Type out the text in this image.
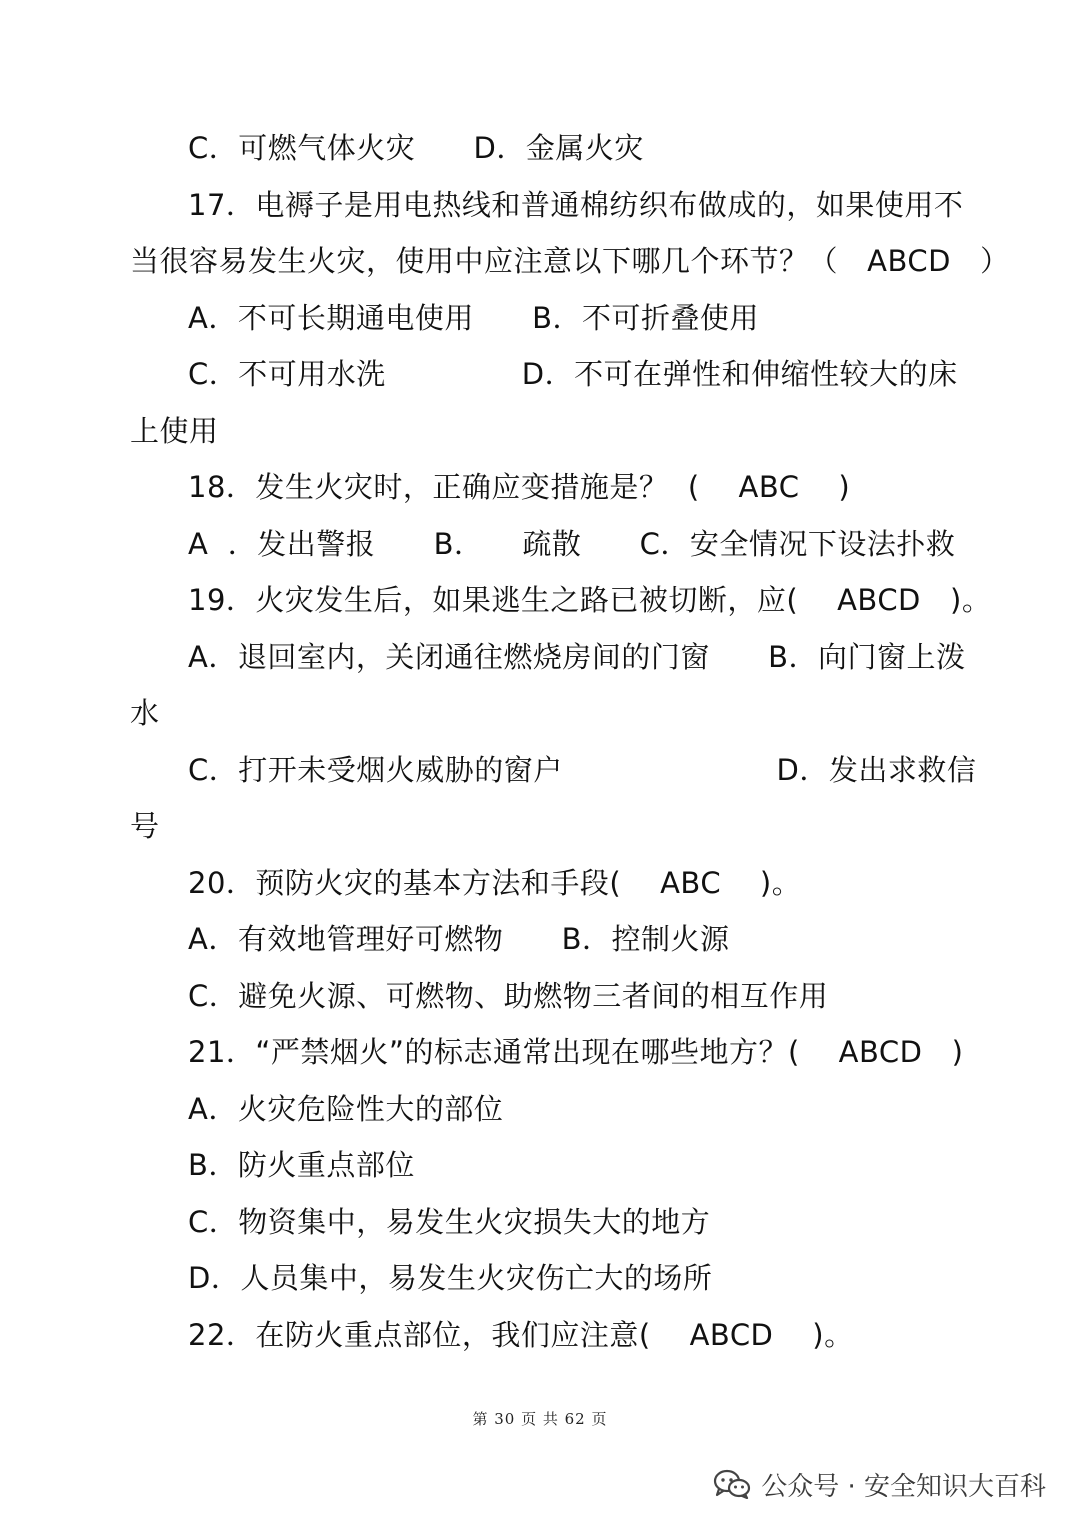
C．可燃气体火灾      D．金属火灾
17．电褥子是用电热线和普通棉纺织布做成的，如果使用不
当很容易发生火灾，使用中应注意以下哪几个环节？（   ABCD   ）
A．不可长期通电使用      B．不可折叠使用
C．不可用水洗              D．不可在弹性和伸缩性较大的床
上使用
18．发生火灾时，正确应变措施是？  (    ABC    )
A  ．发出警报      B．    疏散      C．安全情况下设法扑救
19．火灾发生后，如果逃生之路已被切断，应(    ABCD   )。
A．退回室内，关闭通往燃烧房间的门窗      B．向门窗上泼
水
C．打开未受烟火威胁的窗户                      D．发出求救信
号
20．预防火灾的基本方法和手段(    ABC    )。
A．有效地管理好可燃物      B．控制火源
C．避免火源、可燃物、助燃物三者间的相互作用
21．“严禁烟火”的标志通常出现在哪些地方？(    ABCD   )
A．火灾危险性大的部位
B．防火重点部位
C．物资集中，易发生火灾损失大的地方
D．人员集中，易发生火灾伤亡大的场所
22．在防火重点部位，我们应注意(    ABCD    )。
第 30 页 共 62 页
公众号 · 安全知识大百科
